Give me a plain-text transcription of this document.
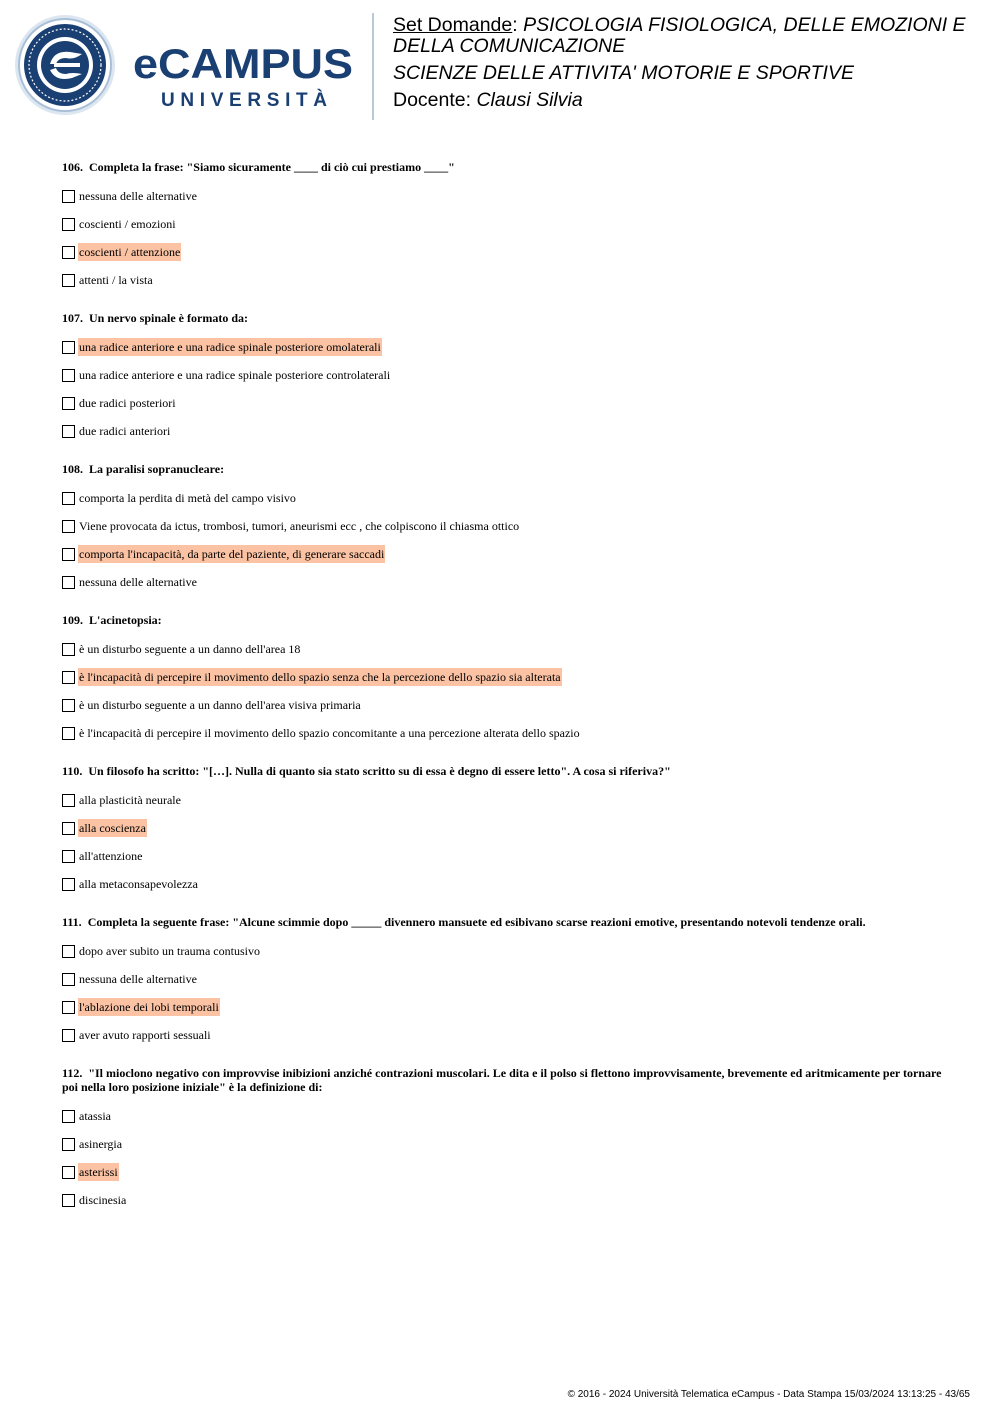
eCAMPUS
UNIVERSITÀ
Set Domande: PSICOLOGIA FISIOLOGICA, DELLE EMOZIONI E DELLA COMUNICAZIONE
SCIENZE DELLE ATTIVITA' MOTORIE E SPORTIVE
Docente: Clausi Silvia
106. Completa la frase: "Siamo sicuramente ____ di ciò cui prestiamo ____"
nessuna delle alternative
coscienti / emozioni
coscienti / attenzione
attenti / la vista
107. Un nervo spinale è formato da:
una radice anteriore e una radice spinale posteriore omolaterali
una radice anteriore e una radice spinale posteriore controlaterali
due radici posteriori
due radici anteriori
108. La paralisi sopranucleare:
comporta la perdita di metà del campo visivo
Viene provocata da ictus, trombosi, tumori, aneurismi ecc , che colpiscono il chiasma ottico
comporta l'incapacità, da parte del paziente, di generare saccadi
nessuna delle alternative
109. L'acinetopsia:
è un disturbo seguente a un danno dell'area 18
è l'incapacità di percepire il movimento dello spazio senza che la percezione dello spazio sia alterata
è un disturbo seguente a un danno dell'area visiva primaria
è l'incapacità di percepire il movimento dello spazio concomitante a una percezione alterata dello spazio
110. Un filosofo ha scritto: "[…]. Nulla di quanto sia stato scritto su di essa è degno di essere letto". A cosa si riferiva?"
alla plasticità neurale
alla coscienza
all'attenzione
alla metaconsapevolezza
111. Completa la seguente frase: "Alcune scimmie dopo _____ divennero mansuete ed esibivano scarse reazioni emotive, presentando notevoli tendenze orali.
dopo aver subito un trauma contusivo
nessuna delle alternative
l'ablazione dei lobi temporali
aver avuto rapporti sessuali
112. "Il mioclono negativo con improvvise inibizioni anziché contrazioni muscolari. Le dita e il polso si flettono improvvisamente, brevemente ed aritmicamente per tornare poi nella loro posizione iniziale" è la definizione di:
atassia
asinergia
asterissi
discinesia
© 2016 - 2024 Università Telematica eCampus - Data Stampa 15/03/2024 13:13:25 - 43/65
